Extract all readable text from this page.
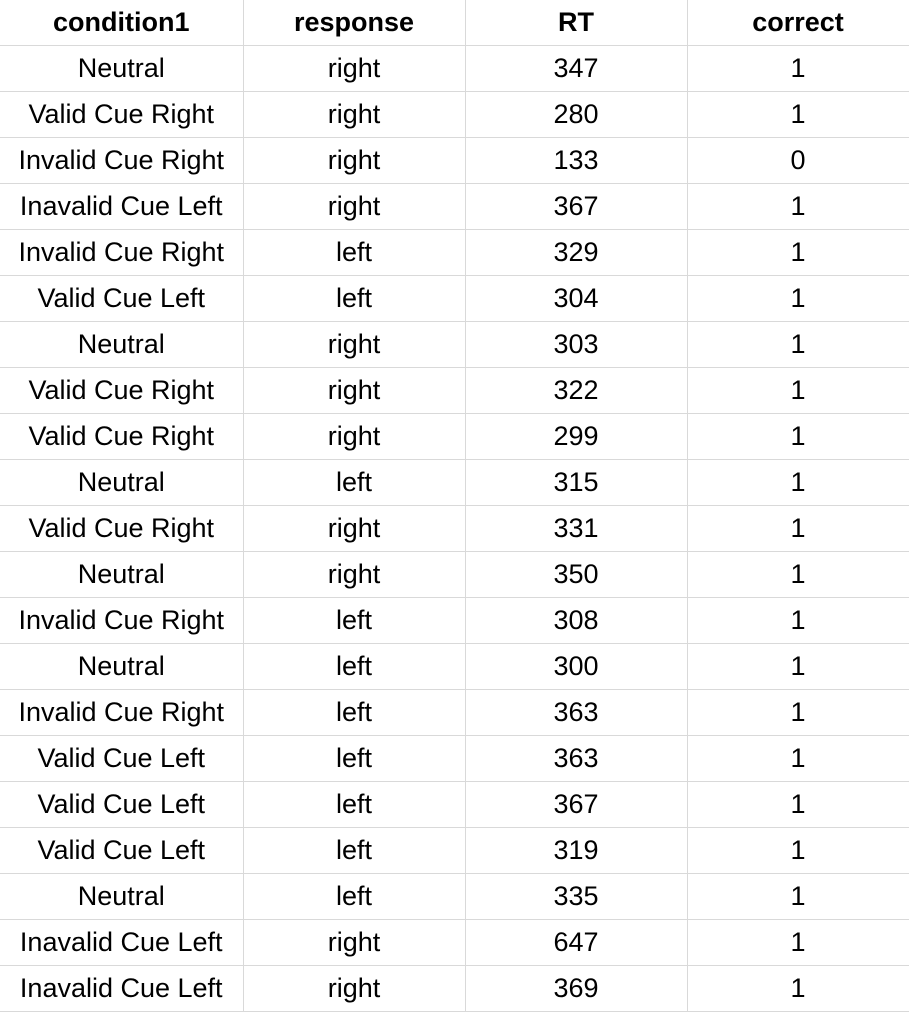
condition1	response	RT	correct
Neutral	right	347	1
Valid Cue Right	right	280	1
Invalid Cue Right	right	133	0
Inavalid Cue Left	right	367	1
Invalid Cue Right	left	329	1
Valid Cue Left	left	304	1
Neutral	right	303	1
Valid Cue Right	right	322	1
Valid Cue Right	right	299	1
Neutral	left	315	1
Valid Cue Right	right	331	1
Neutral	right	350	1
Invalid Cue Right	left	308	1
Neutral	left	300	1
Invalid Cue Right	left	363	1
Valid Cue Left	left	363	1
Valid Cue Left	left	367	1
Valid Cue Left	left	319	1
Neutral	left	335	1
Inavalid Cue Left	right	647	1
Inavalid Cue Left	right	369	1
